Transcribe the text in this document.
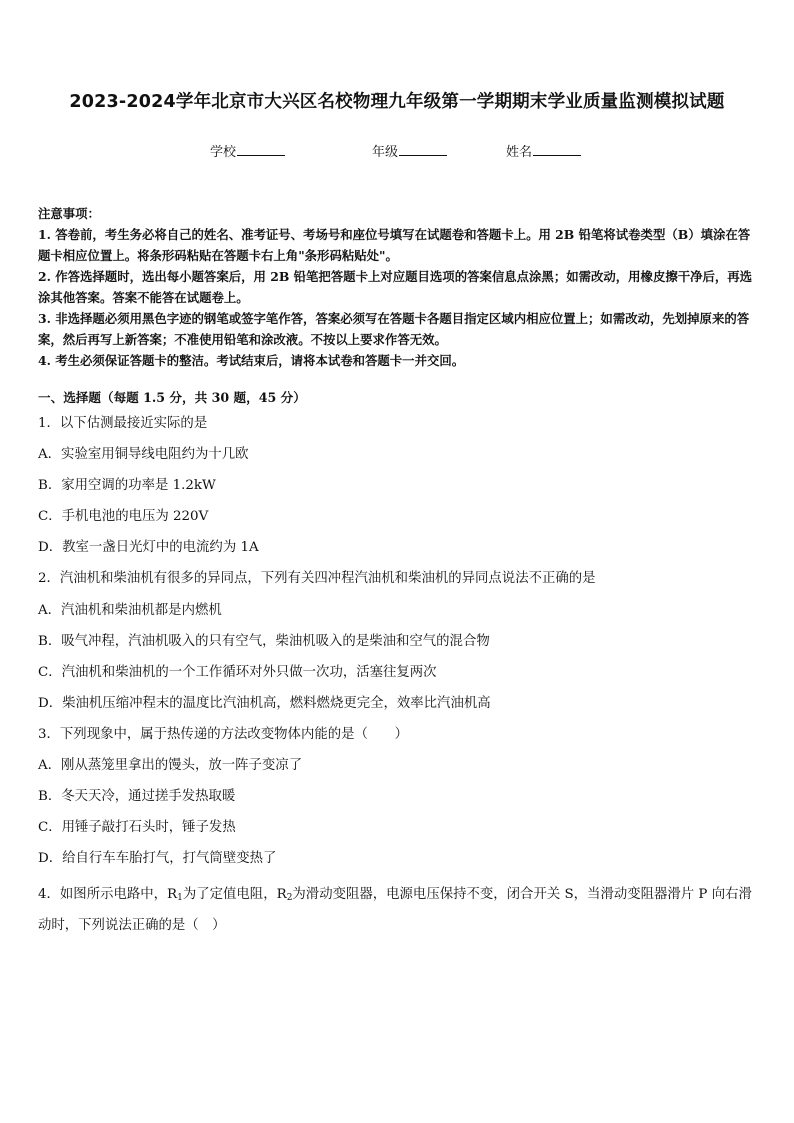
2023-2024学年北京市大兴区名校物理九年级第一学期期末学业质量监测模拟试题
学校	年级	姓名

注意事项：

1. 答卷前，考生务必将自己的姓名、准考证号、考场号和座位号填写在试题卷和答题卡上。用 2B 铅笔将试卷类型（B）填涂在答题卡相应位置上。将条形码粘贴在答题卡右上角"条形码粘贴处"。

2. 作答选择题时，选出每小题答案后，用 2B 铅笔把答题卡上对应题目选项的答案信息点涂黑；如需改动，用橡皮擦干净后，再选涂其他答案。答案不能答在试题卷上。

3. 非选择题必须用黑色字迹的钢笔或签字笔作答，答案必须写在答题卡各题目指定区域内相应位置上；如需改动，先划掉原来的答案，然后再写上新答案；不准使用铅笔和涂改液。不按以上要求作答无效。

4. 考生必须保证答题卡的整洁。考试结束后，请将本试卷和答题卡一并交回。

一、选择题（每题 1.5 分，共 30 题，45 分）
1．以下估测最接近实际的是
A．实验室用铜导线电阻约为十几欧
B．家用空调的功率是 1.2kW
C．手机电池的电压为 220V
D．教室一盏日光灯中的电流约为 1A
2．汽油机和柴油机有很多的异同点，下列有关四冲程汽油机和柴油机的异同点说法不正确的是
A．汽油机和柴油机都是内燃机
B．吸气冲程，汽油机吸入的只有空气，柴油机吸入的是柴油和空气的混合物
C．汽油机和柴油机的一个工作循环对外只做一次功，活塞往复两次
D．柴油机压缩冲程末的温度比汽油机高，燃料燃烧更完全，效率比汽油机高
3．下列现象中，属于热传递的方法改变物体内能的是（　　）
A．刚从蒸笼里拿出的馒头，放一阵子变凉了
B．冬天天冷，通过搓手发热取暖
C．用锤子敲打石头时，锤子发热
D．给自行车车胎打气，打气筒壁变热了
4．如图所示电路中，$R_1$为了定值电阻，$R_2$为滑动变阻器，电源电压保持不变，闭合开关 S，当滑动变阻器滑片 P 向右滑动时，下列说法正确的是（　）
